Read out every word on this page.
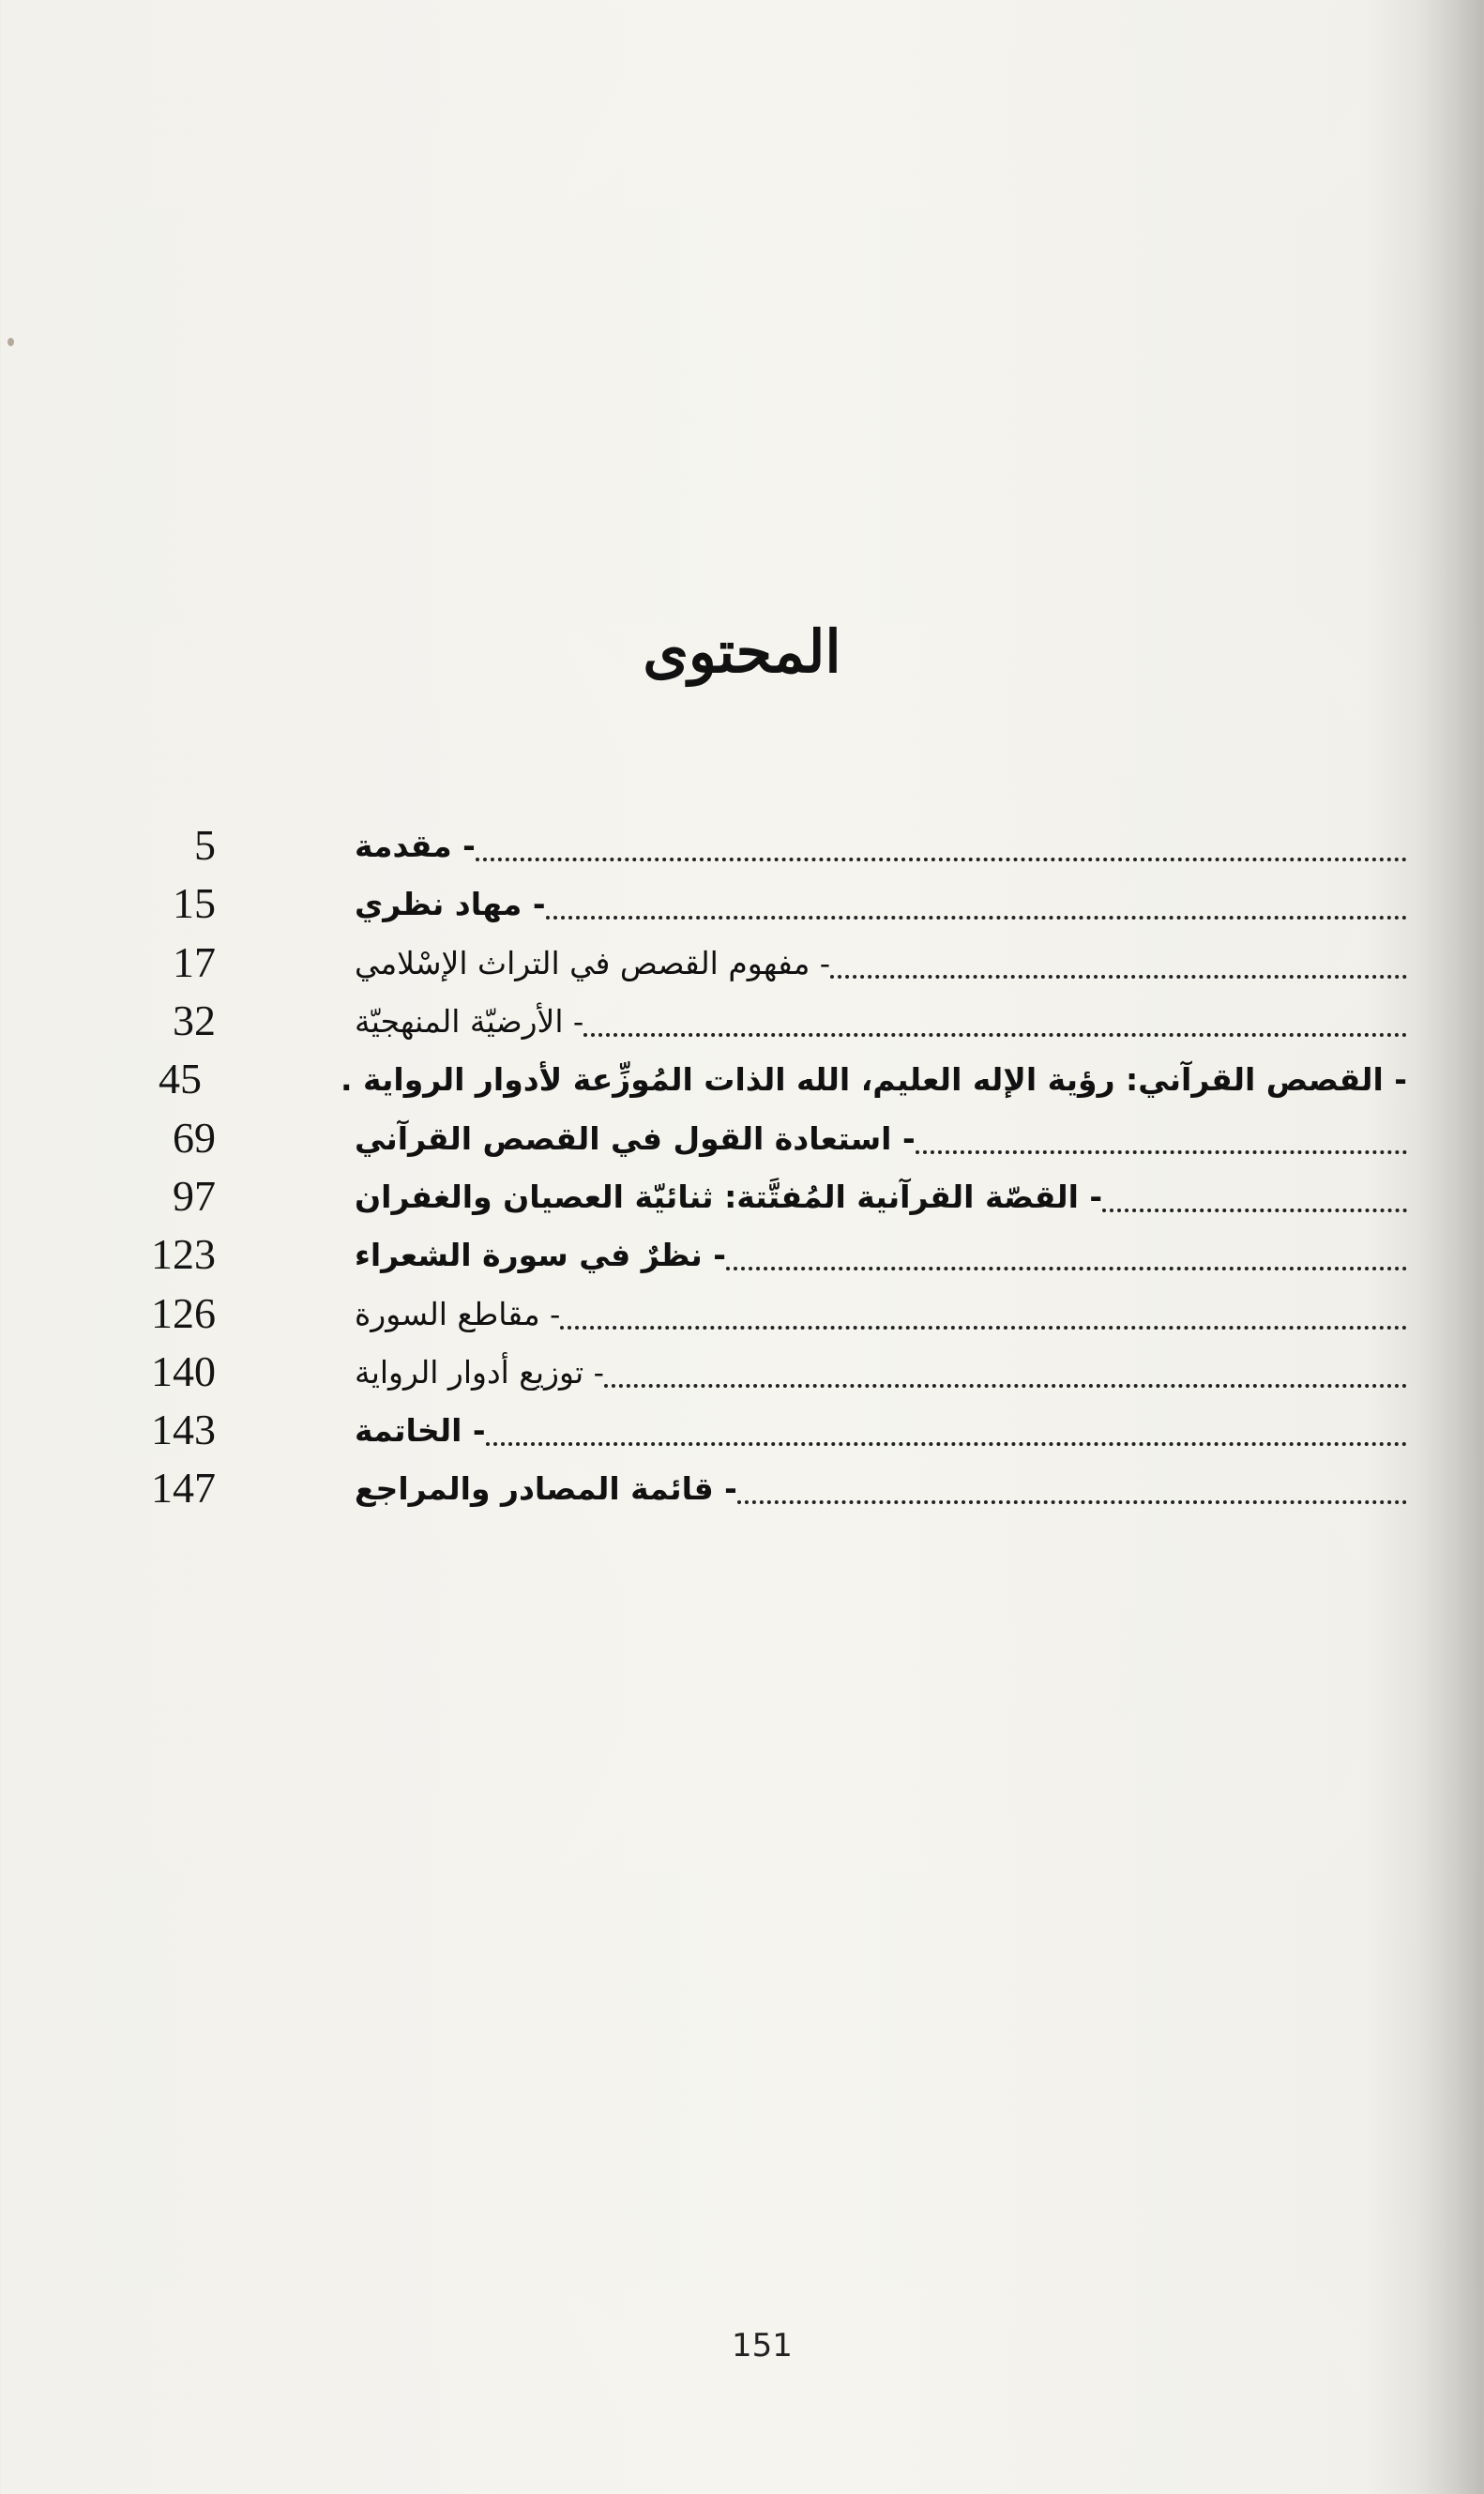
المحتوى
5	- مقدمة
15	- مهاد نظري
17	- مفهوم القصص في التراث الإسْلامي
32	- الأرضيّة المنهجيّة
45	- القصص القرآني: رؤية الإله العليم، الله الذات المُوزِّعة لأدوار الرواية .
69	- استعادة القول في القصص القرآني
97	- القصّة القرآنية المُفتَّتة: ثنائيّة العصيان والغفران
123	- نظرٌ في سورة الشعراء
126	- مقاطع السورة
140	- توزيع أدوار الرواية
143	- الخاتمة
147	- قائمة المصادر والمراجع
151
